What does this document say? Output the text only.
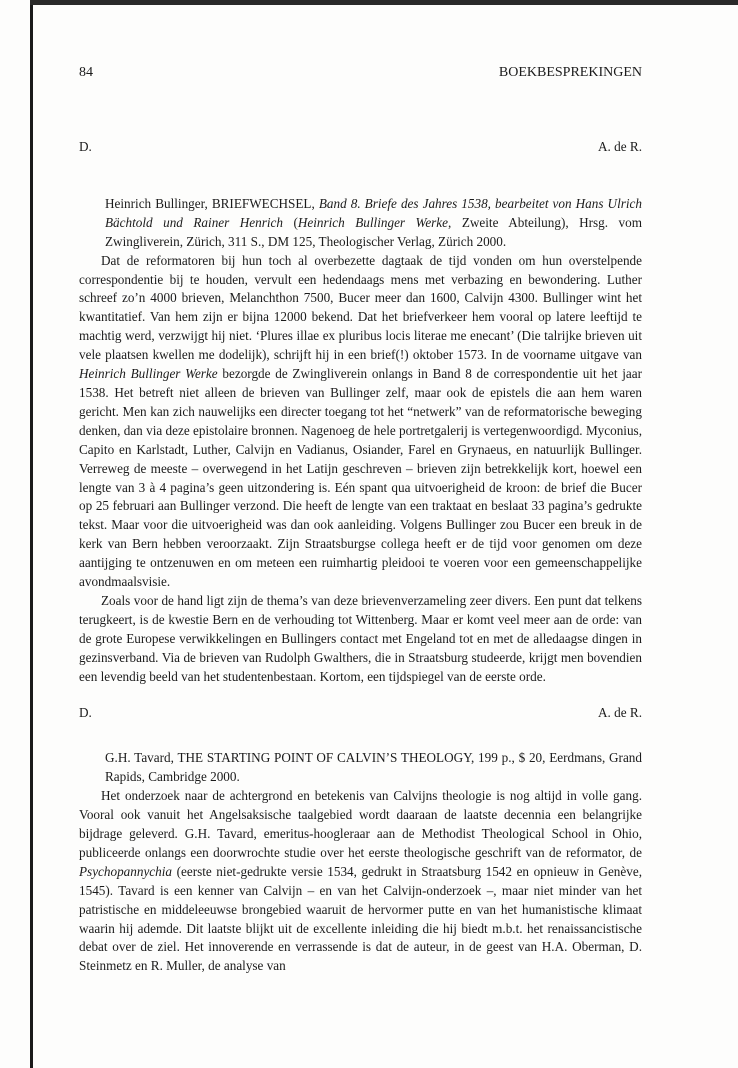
84	BOEKBESPREKINGEN
D.	A. de R.

Heinrich Bullinger, BRIEFWECHSEL, Band 8. Briefe des Jahres 1538, bearbeitet von Hans Ulrich Bächtold und Rainer Henrich (Heinrich Bullinger Werke, Zweite Abteilung), Hrsg. vom Zwingliverein, Zürich, 311 S., DM 125, Theologischer Verlag, Zürich 2000.

Dat de reformatoren bij hun toch al overbezette dagtaak de tijd vonden om hun overstelpende correspondentie bij te houden, vervult een hedendaags mens met verbazing en bewondering. Luther schreef zo’n 4000 brieven, Melanchthon 7500, Bucer meer dan 1600, Calvijn 4300. Bullinger wint het kwantitatief. Van hem zijn er bijna 12000 bekend. Dat het briefverkeer hem vooral op latere leeftijd te machtig werd, verzwijgt hij niet. ‘Plures illae ex pluribus locis literae me enecant’ (Die talrijke brieven uit vele plaatsen kwellen me dodelijk), schrijft hij in een brief(!) oktober 1573. In de voorname uitgave van Heinrich Bullinger Werke bezorgde de Zwingliverein onlangs in Band 8 de correspondentie uit het jaar 1538. Het betreft niet alleen de brieven van Bullinger zelf, maar ook de epistels die aan hem waren gericht. Men kan zich nauwelijks een directer toegang tot het “netwerk” van de reformatorische beweging denken, dan via deze epistolaire bronnen. Nagenoeg de hele portretgalerij is vertegenwoordigd. Myconius, Capito en Karlstadt, Luther, Calvijn en Vadianus, Osiander, Farel en Grynaeus, en natuurlijk Bullinger. Verreweg de meeste – overwegend in het Latijn geschreven – brieven zijn betrekkelijk kort, hoewel een lengte van 3 à 4 pagina’s geen uitzondering is. Eén spant qua uitvoerigheid de kroon: de brief die Bucer op 25 februari aan Bullinger verzond. Die heeft de lengte van een traktaat en beslaat 33 pagina’s gedrukte tekst. Maar voor die uitvoerigheid was dan ook aanleiding. Volgens Bullinger zou Bucer een breuk in de kerk van Bern hebben veroorzaakt. Zijn Straatsburgse collega heeft er de tijd voor genomen om deze aantijging te ontzenuwen en om meteen een ruimhartig pleidooi te voeren voor een gemeenschappelijke avondmaalsvisie.

Zoals voor de hand ligt zijn de thema’s van deze brievenverzameling zeer divers. Een punt dat telkens terugkeert, is de kwestie Bern en de verhouding tot Wittenberg. Maar er komt veel meer aan de orde: van de grote Europese verwikkelingen en Bullingers contact met Engeland tot en met de alledaagse dingen in gezinsverband. Via de brieven van Rudolph Gwalthers, die in Straatsburg studeerde, krijgt men bovendien een levendig beeld van het studentenbestaan. Kortom, een tijdspiegel van de eerste orde.

D.	A. de R.

G.H. Tavard, THE STARTING POINT OF CALVIN’S THEOLOGY, 199 p., $ 20, Eerdmans, Grand Rapids, Cambridge 2000.

Het onderzoek naar de achtergrond en betekenis van Calvijns theologie is nog altijd in volle gang. Vooral ook vanuit het Angelsaksische taalgebied wordt daaraan de laatste decennia een belangrijke bijdrage geleverd. G.H. Tavard, emeritus-hoogleraar aan de Methodist Theological School in Ohio, publiceerde onlangs een doorwrochte studie over het eerste theologische geschrift van de reformator, de Psychopannychia (eerste niet-gedrukte versie 1534, gedrukt in Straatsburg 1542 en opnieuw in Genève, 1545). Tavard is een kenner van Calvijn – en van het Calvijn-onderzoek –, maar niet minder van het patristische en middeleeuwse brongebied waaruit de hervormer putte en van het humanistische klimaat waarin hij ademde. Dit laatste blijkt uit de excellente inleiding die hij biedt m.b.t. het renaissancistische debat over de ziel. Het innoverende en verrassende is dat de auteur, in de geest van H.A. Oberman, D. Steinmetz en R. Muller, de analyse van
